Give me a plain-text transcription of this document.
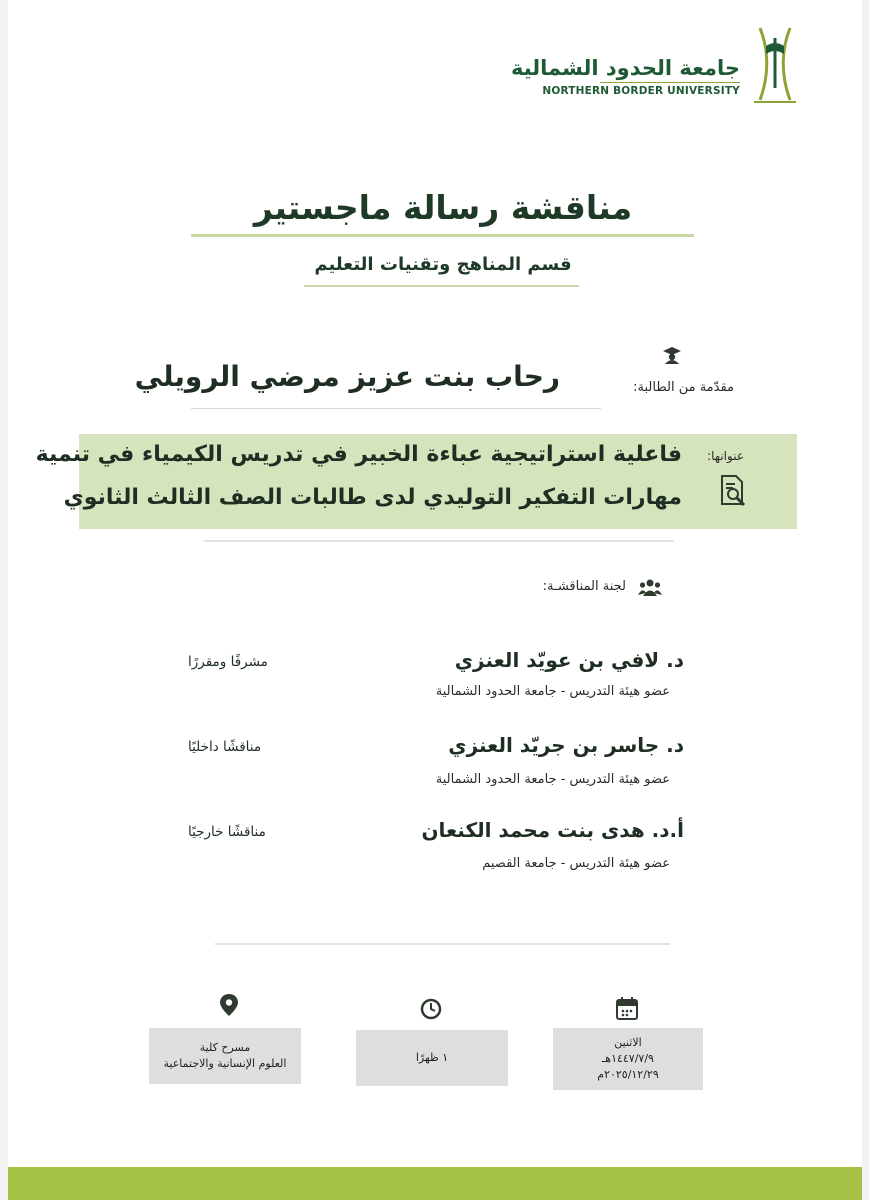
جامعة الحدود الشمالية
NORTHERN BORDER UNIVERSITY
مناقشة رسالة ماجستير
قسم المناهج وتقنيات التعليم
مقدّمة من الطالبة:
رحاب بنت عزيز مرضي الرويلي
عنوانها:
فاعلية استراتيجية عباءة الخبير في تدريس الكيمياء في تنمية
مهارات التفكير التوليدي لدى طالبات الصف الثالث الثانوي
لجنة المناقشـة:
د. لافي بن عويّد العنزي
مشرفًا ومقررًا
عضو هيئة التدريس - جامعة الحدود الشمالية
د. جاسر بن جريّد العنزي
مناقشًا داخليًا
عضو هيئة التدريس - جامعة الحدود الشمالية
أ.د. هدى بنت محمد الكنعان
مناقشًا خارجيًا
عضو هيئة التدريس - جامعة القصيم
الاثنين
١٤٤٧/٧/٩هـ
٢٠٢٥/١٢/٢٩م
١ ظهرًا
مسرح كلية
العلوم الإنسانية والاجتماعية
